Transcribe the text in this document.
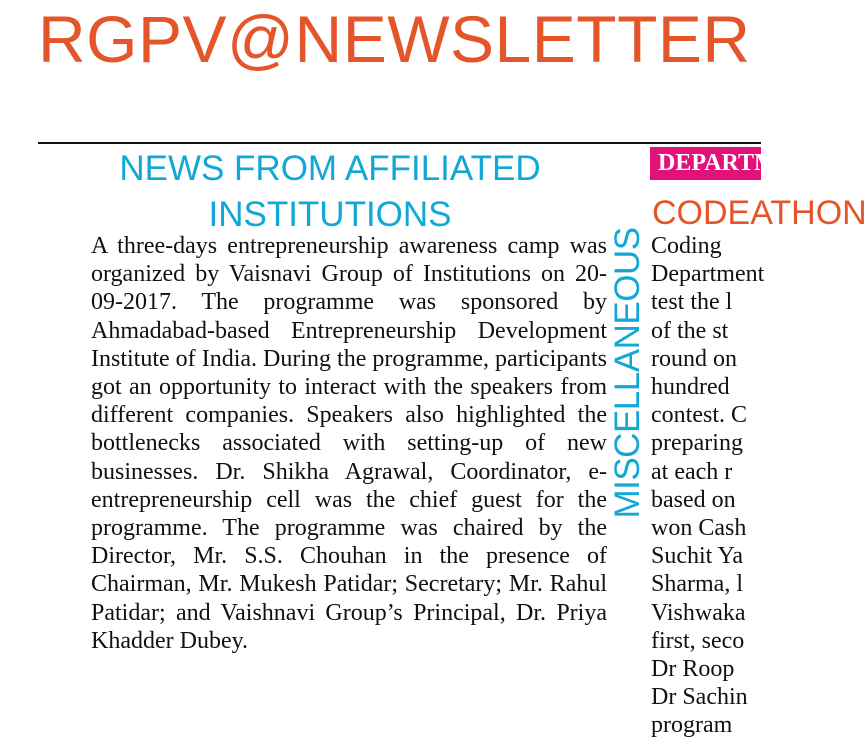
RGPV@NEWSLETTER
NEWS FROM AFFILIATED
INSTITUTIONS

A three-days entrepreneurship awareness camp was organized by Vaisnavi Group of Institutions on 20-09-2017. The programme was sponsored by Ahmadabad-based Entrepreneurship Development Institute of India. During the programme, participants got an opportunity to interact with the speakers from different companies. Speakers also highlighted the bottlenecks associated with setting-up of new businesses. Dr. Shikha Agrawal, Coordinator, e-entrepreneurship cell was the chief guest for the programme. The programme was chaired by the Director, Mr. S.S. Chouhan in the presence of Chairman, Mr. Mukesh Patidar; Secretary; Mr. Rahul Patidar; and Vaishnavi Group’s Principal, Dr. Priya Khadder Dubey.

MISCELLANEOUS
DEPARTMENT
CODEATHON
Coding
Department
test the l
of the st
round on
hundred
contest. C
preparing
at each r
based on
won Cash
Suchit Ya
Sharma, l
Vishwaka
first, seco
Dr Roop
Dr Sachin
program
